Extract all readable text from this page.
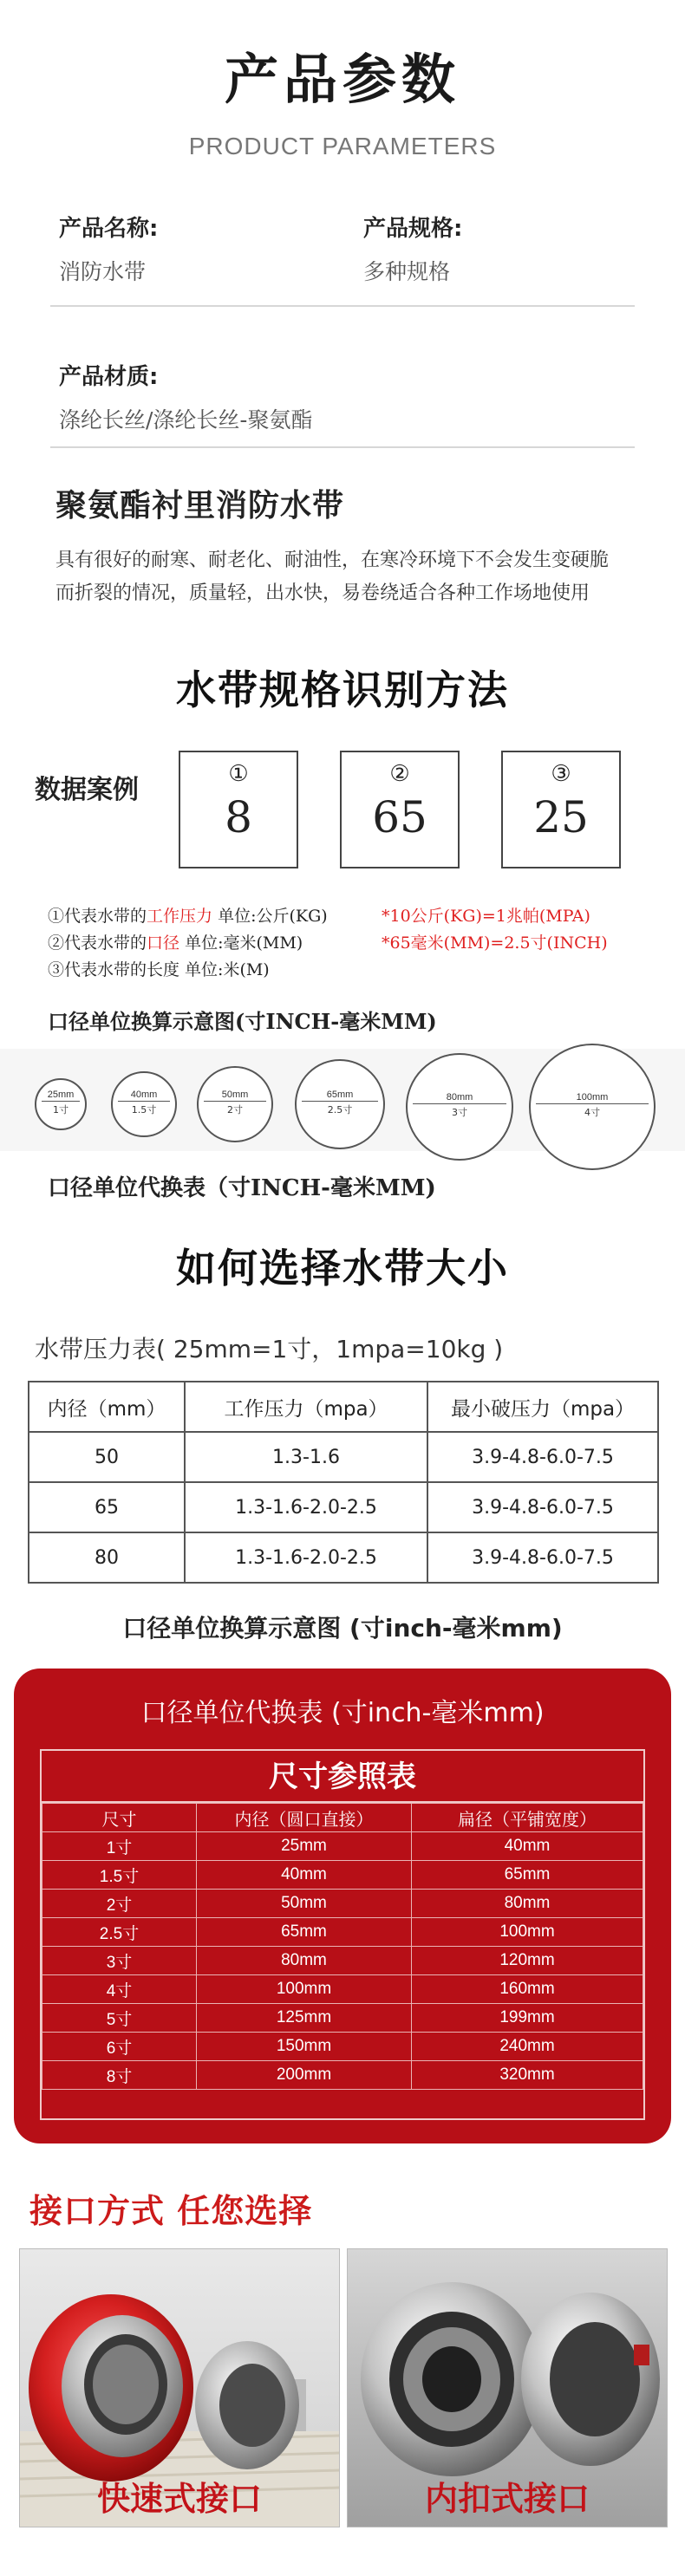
产品参数
PRODUCT PARAMETERS
产品名称:
消防水带
产品规格:
多种规格
产品材质:
涤纶长丝/涤纶长丝-聚氨酯
聚氨酯衬里消防水带
具有很好的耐寒、耐老化、耐油性，在寒冷环境下不会发生变硬脆
而折裂的情况，质量轻，出水快，易卷绕适合各种工作场地使用
水带规格识别方法
数据案例
①
8
②
65
③
25
①代表水带的工作压力 单位:公斤(KG)	*10公斤(KG)=1兆帕(MPA)
②代表水带的口径 单位:毫米(MM)	*65毫米(MM)=2.5寸(INCH)
③代表水带的长度 单位:米(M)
口径单位换算示意图(寸INCH-毫米MM)
25mm
1寸
40mm
1.5寸
50mm
2寸
65mm
2.5寸
80mm
3寸
100mm
4寸
口径单位代换表（寸INCH-毫米MM)
如何选择水带大小
水带压力表( 25mm=1寸，1mpa=10kg )
内径（mm）	工作压力（mpa）	最小破压力（mpa）
50	1.3-1.6	3.9-4.8-6.0-7.5
65	1.3-1.6-2.0-2.5	3.9-4.8-6.0-7.5
80	1.3-1.6-2.0-2.5	3.9-4.8-6.0-7.5
口径单位换算示意图 (寸inch-毫米mm)
口径单位代换表 (寸inch-毫米mm)
尺寸参照表
尺寸	内径（圆口直接）	扁径（平铺宽度）
1寸	25mm	40mm
1.5寸	40mm	65mm
2寸	50mm	80mm
2.5寸	65mm	100mm
3寸	80mm	120mm
4寸	100mm	160mm
5寸	125mm	199mm
6寸	150mm	240mm
8寸	200mm	320mm
接口方式 任您选择
快速式接口	内扣式接口
